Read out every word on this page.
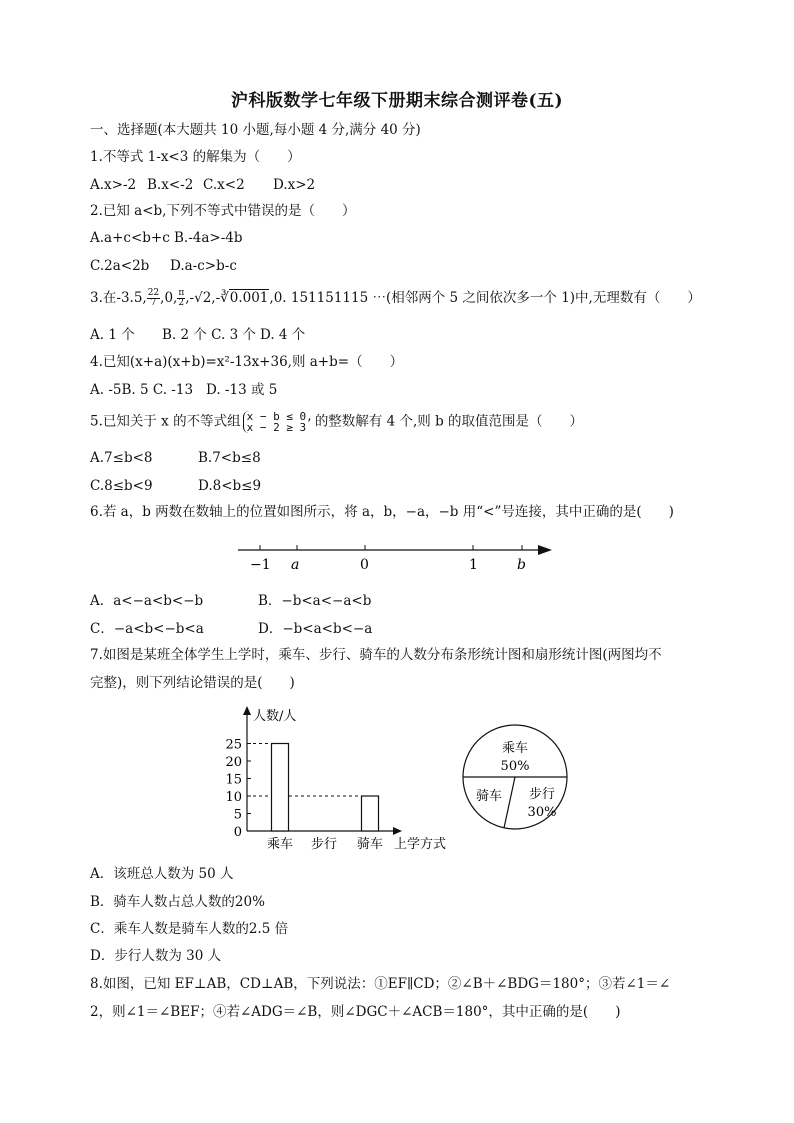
沪科版数学七年级下册期末综合测评卷(五)
一、选择题(本大题共 10 小题,每小题 4 分,满分 40 分)
1.不等式 1-x<3 的解集为（　　）
A.x>-2 B.x<-2 C.x<2 D.x>2
2.已知 a<b,下列不等式中错误的是（　　）
A.a+c<b+c B.-4a>-4b
C.2a<2b D.a-c>b-c
3.在-3.5, $\frac{22}{7} ,0$, $\frac{\pi}{2}$ ,-√2,-∛0.001,0. 151151115 ⋯(相邻两个 5 之间依次多一个 1)中,无理数有（　　）
A. 1 个 B. 2 个 C. 3 个 D. 4 个
4.已知(x+a)(x+b)=x²-13x+36,则 a+b=（　　）
A. -5B. 5 C. -13 D. -13 或 5
5.已知关于 x 的不等式组 x − b ≤ 0,
x − 2 ≥ 3 的整数解有 4 个,则 b 的取值范围是（　　）
A.7≤b<8	B.7<b≤8
C.8≤b<9	D.8<b≤9
6.若 a，b 两数在数轴上的位置如图所示，将 a，b，−a，−b 用“<”号连接，其中正确的是(　　)
−1 a	0	1	b
A．a<−a<b<−b	B．−b<a<−a<b
C．−a<b<−b<a	D．−b<a<b<−a
7.如图是某班全体学生上学时，乘车、步行、骑车的人数分布条形统计图和扇形统计图(两图均不
完整)，则下列结论错误的是(　　)
人数/人
上学方式
0
5
10
15
20
25
乘车 步行 骑车
乘车
50%
步行
30%
骑车
A．该班总人数为 50 人
B．骑车人数占总人数的20%
C．乘车人数是骑车人数的2.5 倍
D．步行人数为 30 人
8.如图，已知 EF⊥AB，CD⊥AB，下列说法：①EF∥CD；②∠B＋∠BDG＝180°；③若∠1＝∠
2，则∠1＝∠BEF；④若∠ADG＝∠B，则∠DGC＋∠ACB＝180°，其中正确的是(　　)
